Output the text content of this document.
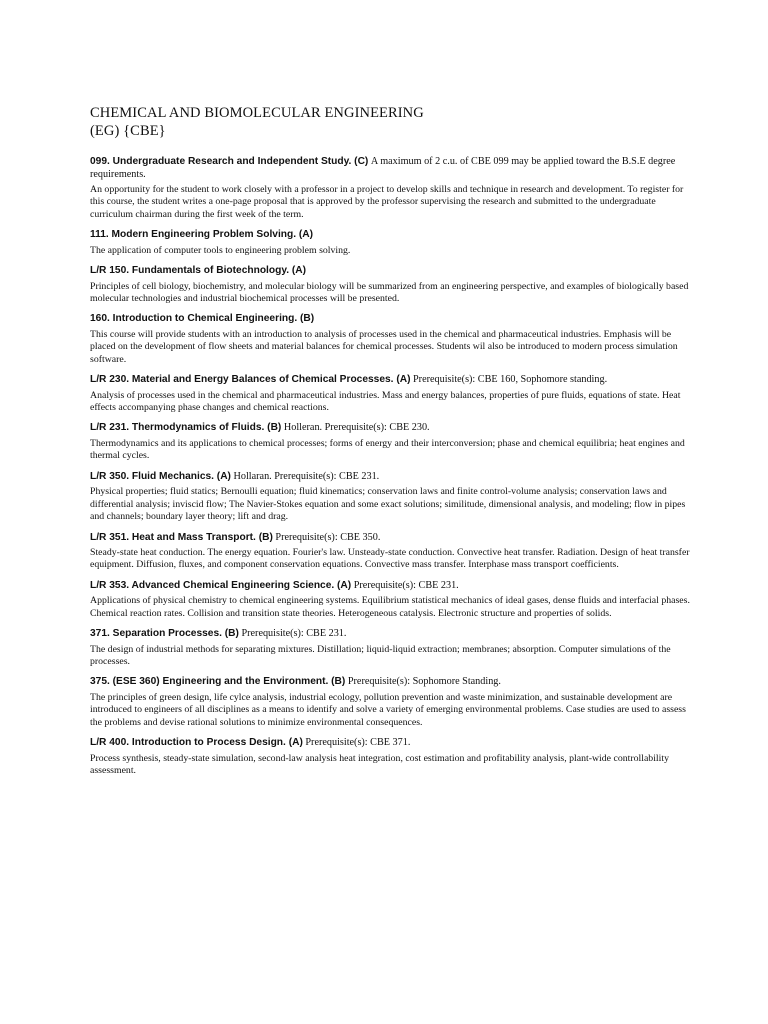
CHEMICAL AND BIOMOLECULAR ENGINEERING
(EG) {CBE}

099. Undergraduate Research and Independent Study. (C) A maximum of 2 c.u. of CBE 099 may be applied toward the B.S.E degree requirements.

An opportunity for the student to work closely with a professor in a project to develop skills and technique in research and development. To register for this course, the student writes a one-page proposal that is approved by the professor supervising the research and submitted to the undergraduate curriculum chairman during the first week of the term.

111. Modern Engineering Problem Solving. (A)

The application of computer tools to engineering problem solving.

L/R 150. Fundamentals of Biotechnology. (A)

Principles of cell biology, biochemistry, and molecular biology will be summarized from an engineering perspective, and examples of biologically based molecular technologies and industrial biochemical processes will be presented.

160. Introduction to Chemical Engineering. (B)

This course will provide students with an introduction to analysis of processes used in the chemical and pharmaceutical industries. Emphasis will be placed on the development of flow sheets and material balances for chemical processes. Students wil also be introduced to modern process simulation software.

L/R 230. Material and Energy Balances of Chemical Processes. (A) Prerequisite(s): CBE 160, Sophomore standing.

Analysis of processes used in the chemical and pharmaceutical industries. Mass and energy balances, properties of pure fluids, equations of state. Heat effects accompanying phase changes and chemical reactions.

L/R 231. Thermodynamics of Fluids. (B) Holleran. Prerequisite(s): CBE 230.

Thermodynamics and its applications to chemical processes; forms of energy and their interconversion; phase and chemical equilibria; heat engines and thermal cycles.

L/R 350. Fluid Mechanics. (A) Hollaran. Prerequisite(s): CBE 231.

Physical properties; fluid statics; Bernoulli equation; fluid kinematics; conservation laws and finite control-volume analysis; conservation laws and differential analysis; inviscid flow; The Navier-Stokes equation and some exact solutions; similitude, dimensional analysis, and modeling; flow in pipes and channels; boundary layer theory; lift and drag.

L/R 351. Heat and Mass Transport. (B) Prerequisite(s): CBE 350.

Steady-state heat conduction. The energy equation. Fourier's law. Unsteady-state conduction. Convective heat transfer. Radiation. Design of heat transfer equipment. Diffusion, fluxes, and component conservation equations. Convective mass transfer. Interphase mass transport coefficients.

L/R 353. Advanced Chemical Engineering Science. (A) Prerequisite(s): CBE 231.

Applications of physical chemistry to chemical engineering systems. Equilibrium statistical mechanics of ideal gases, dense fluids and interfacial phases. Chemical reaction rates. Collision and transition state theories. Heterogeneous catalysis. Electronic structure and properties of solids.

371. Separation Processes. (B) Prerequisite(s): CBE 231.

The design of industrial methods for separating mixtures. Distillation; liquid-liquid extraction; membranes; absorption. Computer simulations of the processes.

375. (ESE 360) Engineering and the Environment. (B) Prerequisite(s): Sophomore Standing.

The principles of green design, life cylce analysis, industrial ecology, pollution prevention and waste minimization, and sustainable development are introduced to engineers of all disciplines as a means to identify and solve a variety of emerging environmental problems. Case studies are used to assess the problems and devise rational solutions to minimize environmental consequences.

L/R 400. Introduction to Process Design. (A) Prerequisite(s): CBE 371.

Process synthesis, steady-state simulation, second-law analysis heat integration, cost estimation and profitability analysis, plant-wide controllability assessment.
